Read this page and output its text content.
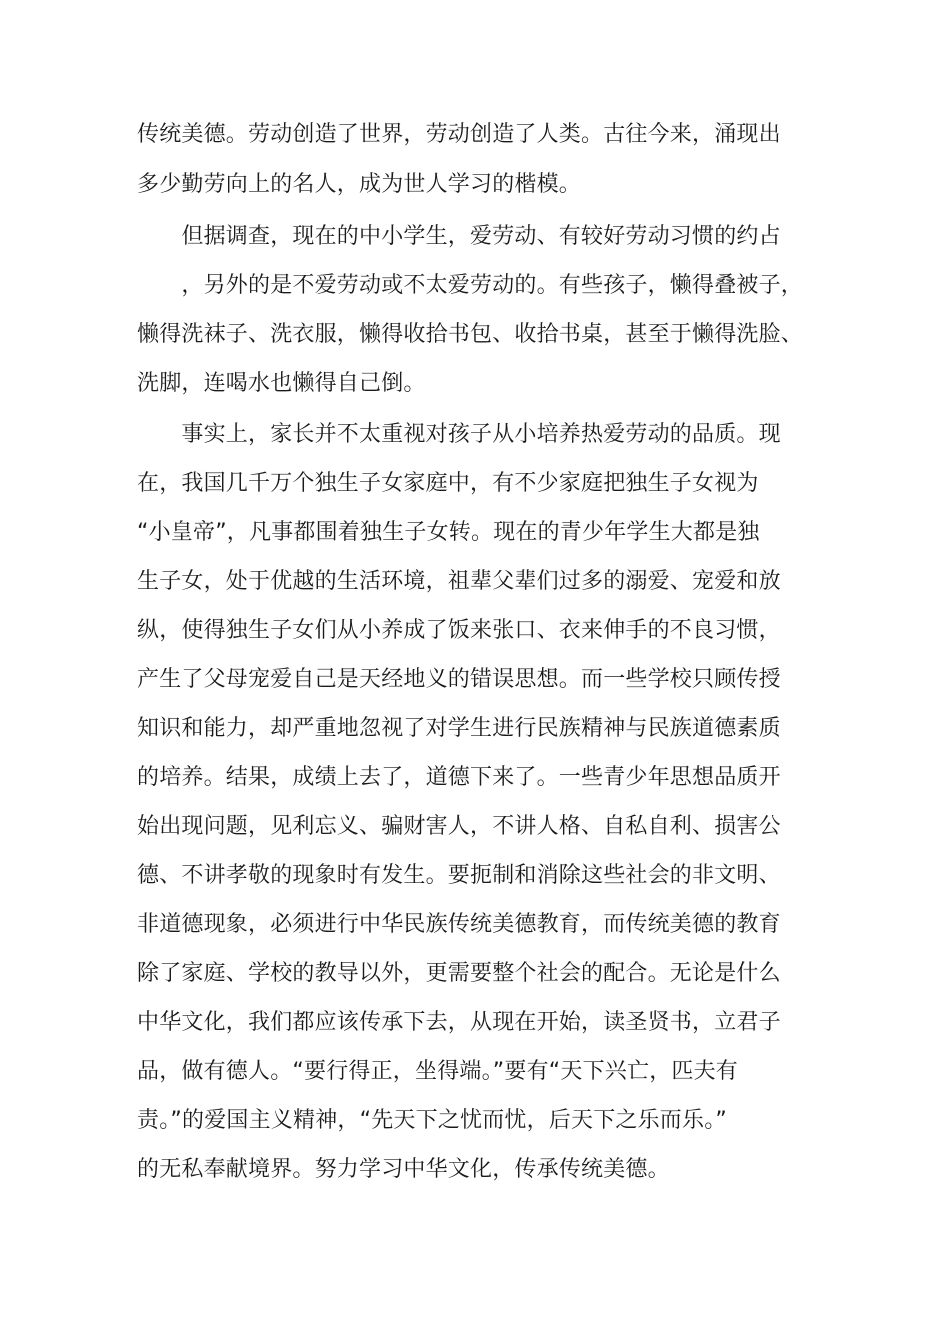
传统美德。劳动创造了世界，劳动创造了人类。古往今来，涌现出
多少勤劳向上的名人，成为世人学习的楷模。
　　但据调查，现在的中小学生，爱劳动、有较好劳动习惯的约占
　　，另外的是不爱劳动或不太爱劳动的。有些孩子，懒得叠被子，
懒得洗袜子、洗衣服，懒得收拾书包、收拾书桌，甚至于懒得洗脸、
洗脚，连喝水也懒得自己倒。
　　事实上，家长并不太重视对孩子从小培养热爱劳动的品质。现
在，我国几千万个独生子女家庭中，有不少家庭把独生子女视为
“小皇帝”，凡事都围着独生子女转。现在的青少年学生大都是独
生子女，处于优越的生活环境，祖辈父辈们过多的溺爱、宠爱和放
纵，使得独生子女们从小养成了饭来张口、衣来伸手的不良习惯，
产生了父母宠爱自己是天经地义的错误思想。而一些学校只顾传授
知识和能力，却严重地忽视了对学生进行民族精神与民族道德素质
的培养。结果，成绩上去了，道德下来了。一些青少年思想品质开
始出现问题，见利忘义、骗财害人，不讲人格、自私自利、损害公
德、不讲孝敬的现象时有发生。要扼制和消除这些社会的非文明、
非道德现象，必须进行中华民族传统美德教育，而传统美德的教育
除了家庭、学校的教导以外，更需要整个社会的配合。无论是什么
中华文化，我们都应该传承下去，从现在开始，读圣贤书，立君子
品，做有德人。“要行得正，坐得端。”要有“天下兴亡，匹夫有
责。”的爱国主义精神，“先天下之忧而忧，后天下之乐而乐。”
的无私奉献境界。努力学习中华文化，传承传统美德。
